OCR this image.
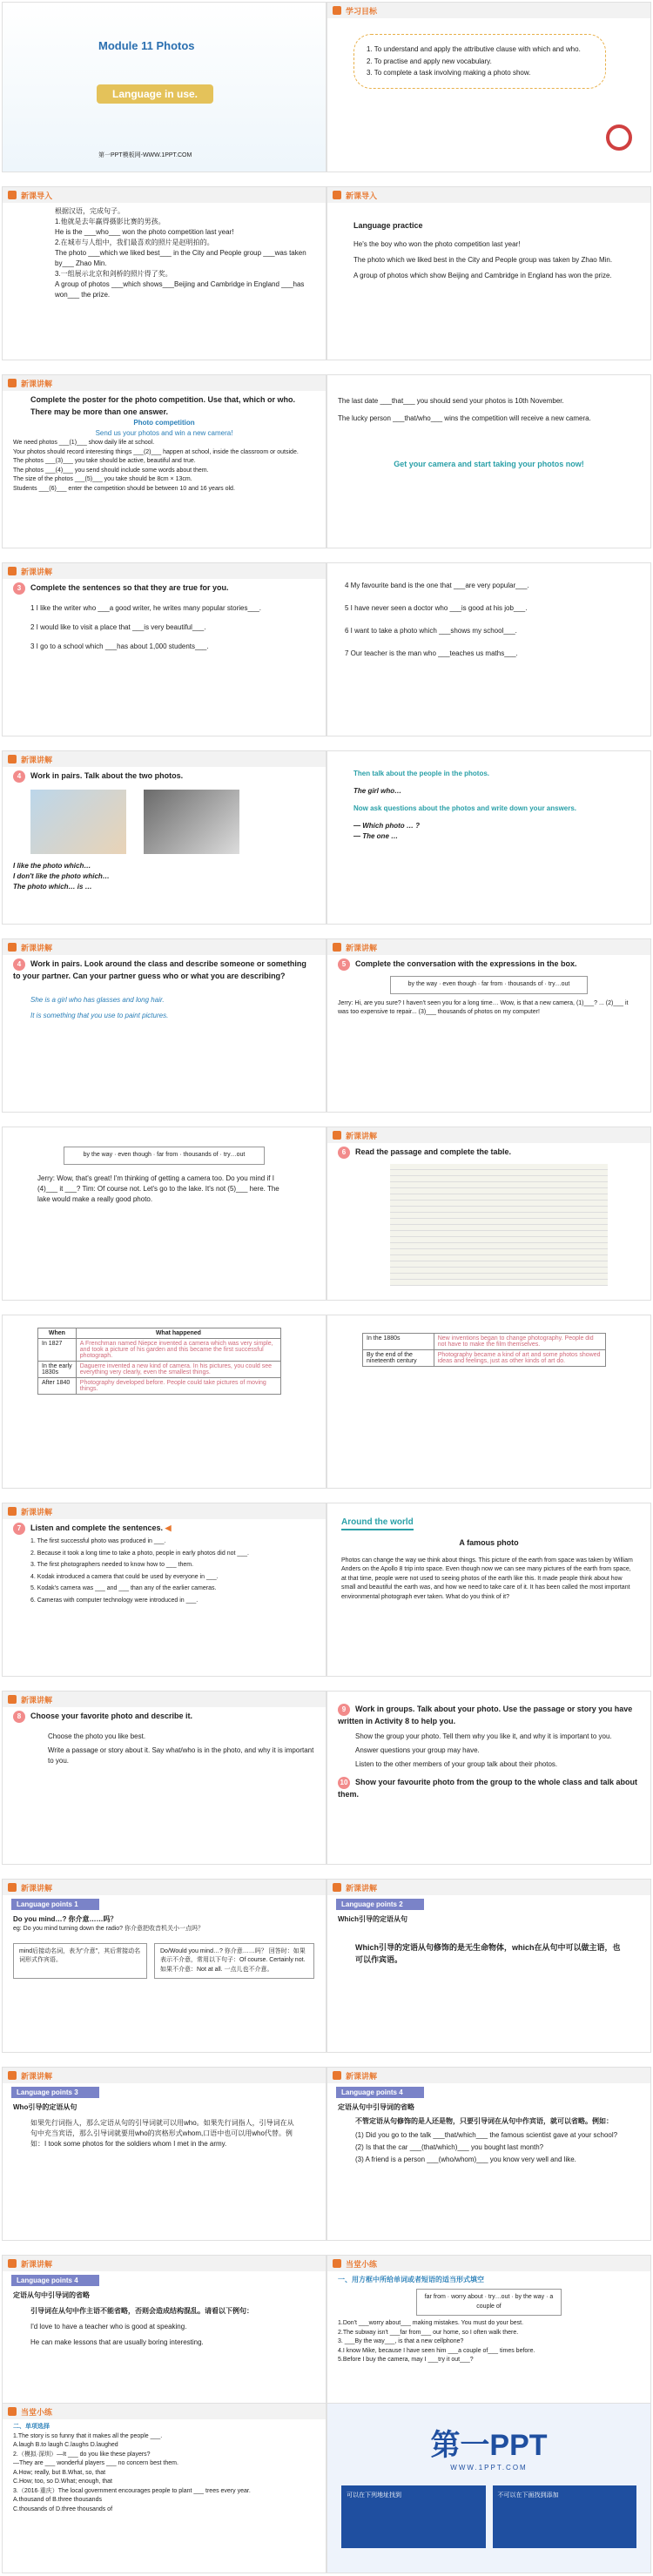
Module 11 Photos
Language in use.
第一PPT模板网-WWW.1PPT.COM
学习目标
1. To understand and apply the attributive clause with which and who.
2. To practise and apply new vocabulary.
3. To complete a task involving making a photo show.
新课导入
根据汉语，完成句子。
1.他就是去年赢得摄影比赛的男孩。
He is the ___who___ won the photo competition last year!
2.在城市与人组中，我们最喜欢的照片是赵明拍的。
The photo ___which we liked best___ in the City and People group ___was taken by___ Zhao Min.
3.一组展示北京和剑桥的照片得了奖。
A group of photos ___which shows___Beijing and Cambridge in England ___has won___ the prize.
新课导入
Language practice
He's the boy who won the photo competition last year!
The photo which we liked best in the City and People group was taken by Zhao Min.
A group of photos which show Beijing and Cambridge in England has won the prize.
新课讲解
Complete the poster for the photo competition. Use that, which or who. There may be more than one answer.
Photo competition
Send us your photos and win a new camera!
We need photos ___(1)___ show daily life at school.
Your photos should record interesting things ___(2)___ happen at school, inside the classroom or outside.
The photos ___(3)___ you take should be active, beautiful and true.
The photos ___(4)___ you send should include some words about them.
The size of the photos ___(5)___ you take should be 8cm × 13cm.
Students ___(6)___ enter the competition should be between 10 and 16 years old.
The last date ___that___ you should send your photos is 10th November.
The lucky person ___that/who___ wins the competition will receive a new camera.
Get your camera and start taking your photos now!
新课讲解
3 Complete the sentences so that they are true for you.
1 I like the writer who ___a good writer, he writes many popular stories___.
2 I would like to visit a place that ___is very beautiful___.
3 I go to a school which ___has about 1,000 students___.
4 My favourite band is the one that ___are very popular___.
5 I have never seen a doctor who ___is good at his job___.
6 I want to take a photo which ___shows my school___.
7 Our teacher is the man who ___teaches us maths___.
新课讲解
4 Work in pairs. Talk about the two photos.
I like the photo which…
I don't like the photo which…
The photo which… is …
Then talk about the people in the photos.
The girl who…
Now ask questions about the photos and write down your answers.
— Which photo … ?
— The one …
新课讲解
4 Work in pairs. Look around the class and describe someone or something to your partner. Can your partner guess who or what you are describing?
She is a girl who has glasses and long hair.
It is something that you use to paint pictures.
新课讲解
5 Complete the conversation with the expressions in the box.
by the way · even though · far from · thousands of · try…out
Jerry: Hi, are you sure? I haven't seen you for a long time… Wow, is that a new camera, (1)___? ... (2)___ it was too expensive to repair... (3)___ thousands of photos on my computer!
by the way · even though · far from · thousands of · try…out
Jerry: Wow, that's great! I'm thinking of getting a camera too. Do you mind if I (4)___ it ___? Tim: Of course not. Let's go to the lake. It's not (5)___ here. The lake would make a really good photo.
新课讲解
6 Read the passage and complete the table.
When	What happened
In 1827	A Frenchman named Niepce invented a camera which was very simple, and took a picture of his garden and this became the first successful photograph.
In the early 1830s	Daguerre invented a new kind of camera. In his pictures, you could see everything very clearly, even the smallest things.
After 1840	Photography developed before. People could take pictures of moving things.
In the 1880s	New inventions began to change photography. People did not have to make the film themselves.
By the end of the nineteenth century	Photography became a kind of art and some photos showed ideas and feelings, just as other kinds of art do.
新课讲解
7 Listen and complete the sentences. ◀
1. The first successful photo was produced in ___.
2. Because it took a long time to take a photo, people in early photos did not ___.
3. The first photographers needed to know how to ___ them.
4. Kodak introduced a camera that could be used by everyone in ___.
5. Kodak's camera was ___ and ___ than any of the earlier cameras.
6. Cameras with computer technology were introduced in ___.
Around the world
A famous photo
Photos can change the way we think about things. This picture of the earth from space was taken by William Anders on the Apollo 8 trip into space. Even though now we can see many pictures of the earth from space, at that time, people were not used to seeing photos of the earth like this. It made people think about how small and beautiful the earth was, and how we need to take care of it. It has been called the most important environmental photograph ever taken. What do you think of it?
新课讲解
8 Choose your favorite photo and describe it.
Choose the photo you like best.
Write a passage or story about it. Say what/who is in the photo, and why it is important to you.
9 Work in groups. Talk about your photo. Use the passage or story you have written in Activity 8 to help you.
Show the group your photo. Tell them why you like it, and why it is important to you.
Answer questions your group may have.
Listen to the other members of your group talk about their photos.
10 Show your favourite photo from the group to the whole class and talk about them.
新课讲解
Language points 1
Do you mind…? 你介意……吗？
eg: Do you mind turning down the radio? 你介意把收音机关小一点吗？
mind后接动名词，表为"介意"，其后常接动名词形式作宾语。
Do/Would you mind…? 你介意……吗？ 回答时：如果表示不介意，常用以下句子：Of course. Certainly not. 如果不介意：Not at all. 一点儿也不介意。
新课讲解
Language points 2
Which引导的定语从句
Which引导的定语从句修饰的是无生命物体，which在从句中可以做主语，也可以作宾语。
新课讲解
Language points 3
Who引导的定语从句
如果先行词指人，那么定语从句的引导词就可以用who。如果先行词指人，引导词在从句中充当宾语，那么引导词就要用who的宾格形式whom,口语中也可以用who代替。例如：I took some photos for the soldiers whom I met in the army.
新课讲解
Language points 4
定语从句中引导词的省略
不管定语从句修饰的是人还是物，只要引导词在从句中作宾语，就可以省略。例如：
(1) Did you go to the talk ___that/which___ the famous scientist gave at your school?
(2) Is that the car ___(that/which)___ you bought last month?
(3) A friend is a person ___(who/whom)___ you know very well and like.
新课讲解
Language points 4
定语从句中引导词的省略
引导词在从句中作主语不能省略，否则会造成结构混乱。请看以下例句：
I'd love to have a teacher who is good at speaking.
He can make lessons that are usually boring interesting.
当堂小练
一、用方框中所给单词或者短语的适当形式填空
far from · worry about · try…out · by the way · a couple of
1.Don't ___worry about___ making mistakes. You must do your best.
2.The subway isn't ___far from___ our home, so I often walk there.
3. ___By the way___, is that a new cellphone?
4.I know Mike, because I have seen him ___a couple of___ times before.
5.Before I buy the camera, may I ___try it out___?
当堂小练
二、单项选择
1.The story is so funny that it makes all the people ___.
A.laugh B.to laugh C.laughs D.laughed
2.（模拟·深圳）—It ___ do you like these players?
—They are ___ wonderful players ___ no concern best them.
A.How; really, but B.What, so, that
C.How; too, so D.What; enough, that
3.（2016·重庆）The local government encourages people to plant ___ trees every year.
A.thousand of B.three thousands
C.thousands of D.three thousands of
第一PPT
WWW.1PPT.COM
可以在下列地址找到	不可以在下面找到添加
